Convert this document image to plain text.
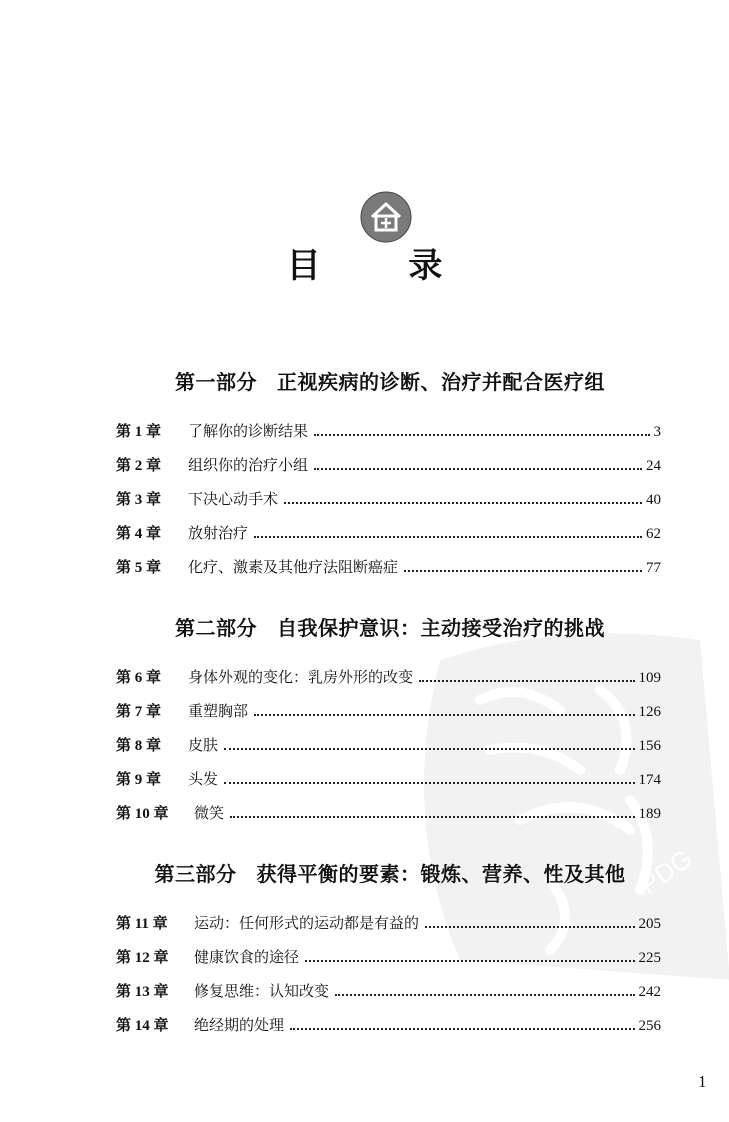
PDG
目 录
第一部分 正视疾病的诊断、治疗并配合医疗组
第 1 章	了解你的诊断结果	3
第 2 章	组织你的治疗小组	24
第 3 章	下决心动手术	40
第 4 章	放射治疗	62
第 5 章	化疗、激素及其他疗法阻断癌症	77
第二部分 自我保护意识：主动接受治疗的挑战
第 6 章	身体外观的变化：乳房外形的改变	109
第 7 章	重塑胸部	126
第 8 章	皮肤	156
第 9 章	头发	174
第 10 章	微笑	189
第三部分 获得平衡的要素：锻炼、营养、性及其他
第 11 章	运动：任何形式的运动都是有益的	205
第 12 章	健康饮食的途径	225
第 13 章	修复思维：认知改变	242
第 14 章	绝经期的处理	256
1
